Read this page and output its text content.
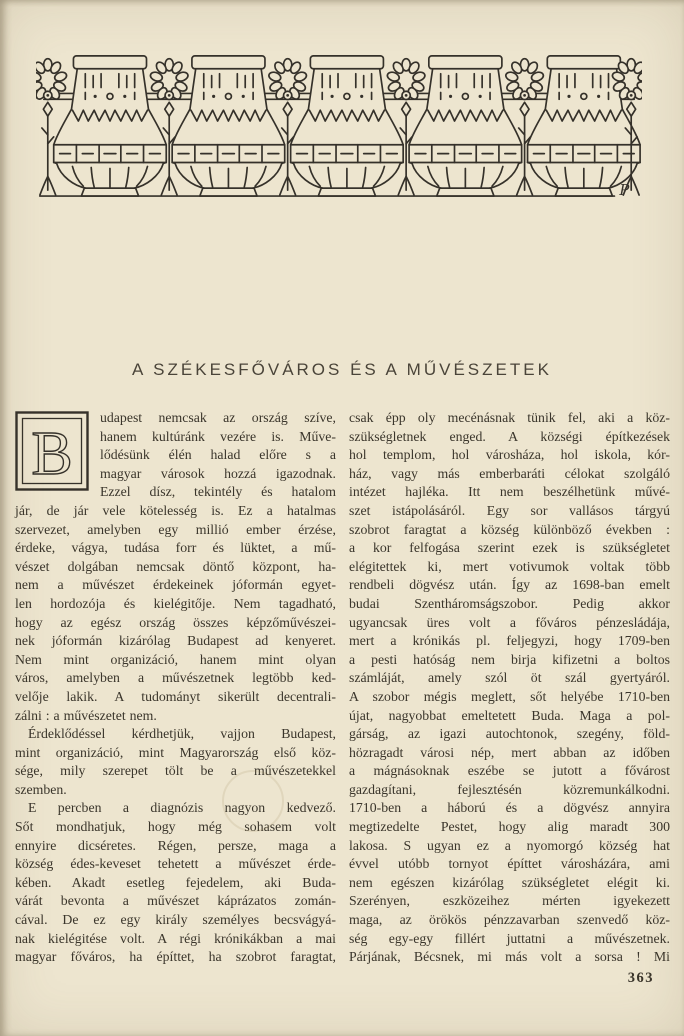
P
A SZÉKESFŐVÁROS ÉS A MŰVÉSZETEK
B
udapest nemcsak az ország szíve,
hanem kultúránk vezére is. Műve-
lődésünk élén halad előre s a
magyar városok hozzá igazodnak.
Ezzel dísz, tekintély és hatalom
jár, de jár vele kötelesség is. Ez a hatalmas
szervezet, amelyben egy millió ember érzése,
érdeke, vágya, tudása forr és lüktet, a mű-
vészet dolgában nemcsak döntő központ, ha-
nem a művészet érdekeinek jóformán egyet-
len hordozója és kielégitője. Nem tagadható,
hogy az egész ország összes képzőművészei-
nek jóformán kizárólag Budapest ad kenyeret.
Nem mint organizáció, hanem mint olyan
város, amelyben a művészetnek legtöbb ked-
velője lakik. A tudományt sikerült decentrali-
zálni : a művészetet nem.
Érdeklődéssel kérdhetjük, vajjon Budapest,
mint organizáció, mint Magyarország első köz-
sége, mily szerepet tölt be a művészetekkel
szemben.
E percben a diagnózis nagyon kedvező.
Sőt mondhatjuk, hogy még sohasem volt
ennyire dicséretes. Régen, persze, maga a
község édes-keveset tehetett a művészet érde-
kében. Akadt esetleg fejedelem, aki Buda-
várát bevonta a művészet káprázatos zomán-
cával. De ez egy király személyes becsvágyá-
nak kielégitése volt. A régi krónikákban a mai
magyar főváros, ha építtet, ha szobrot faragtat,
csak épp oly mecénásnak tünik fel, aki a köz-
szükségletnek enged. A községi építkezések
hol templom, hol városháza, hol iskola, kór-
ház, vagy más emberbaráti célokat szolgáló
intézet hajléka. Itt nem beszélhetünk művé-
szet istápolásáról. Egy sor vallásos tárgyú
szobrot faragtat a község különböző években :
a kor felfogása szerint ezek is szükségletet
elégitettek ki, mert votivumok voltak több
rendbeli dögvész után. Így az 1698-ban emelt
budai Szentháromságszobor. Pedig akkor
ugyancsak üres volt a főváros pénzesládája,
mert a krónikás pl. feljegyzi, hogy 1709-ben
a pesti hatóság nem birja kifizetni a boltos
számláját, amely szól öt szál gyertyáról.
A szobor mégis meglett, sőt helyébe 1710-ben
újat, nagyobbat emeltetett Buda. Maga a pol-
gárság, az igazi autochtonok, szegény, föld-
hözragadt városi nép, mert abban az időben
a mágnásoknak eszébe se jutott a fővárost
gazdagítani, fejlesztésén közremunkálkodni.
1710-ben a háború és a dögvész annyira
megtizedelte Pestet, hogy alig maradt 300
lakosa. S ugyan ez a nyomorgó község hat
évvel utóbb tornyot építtet városházára, ami
nem egészen kizárólag szükségletet elégit ki.
Szerényen, eszközeihez mérten igyekezett
maga, az örökös pénzzavarban szenvedő köz-
ség egy-egy fillért juttatni a művészetnek.
Párjának, Bécsnek, mi más volt a sorsa ! Mi
363
